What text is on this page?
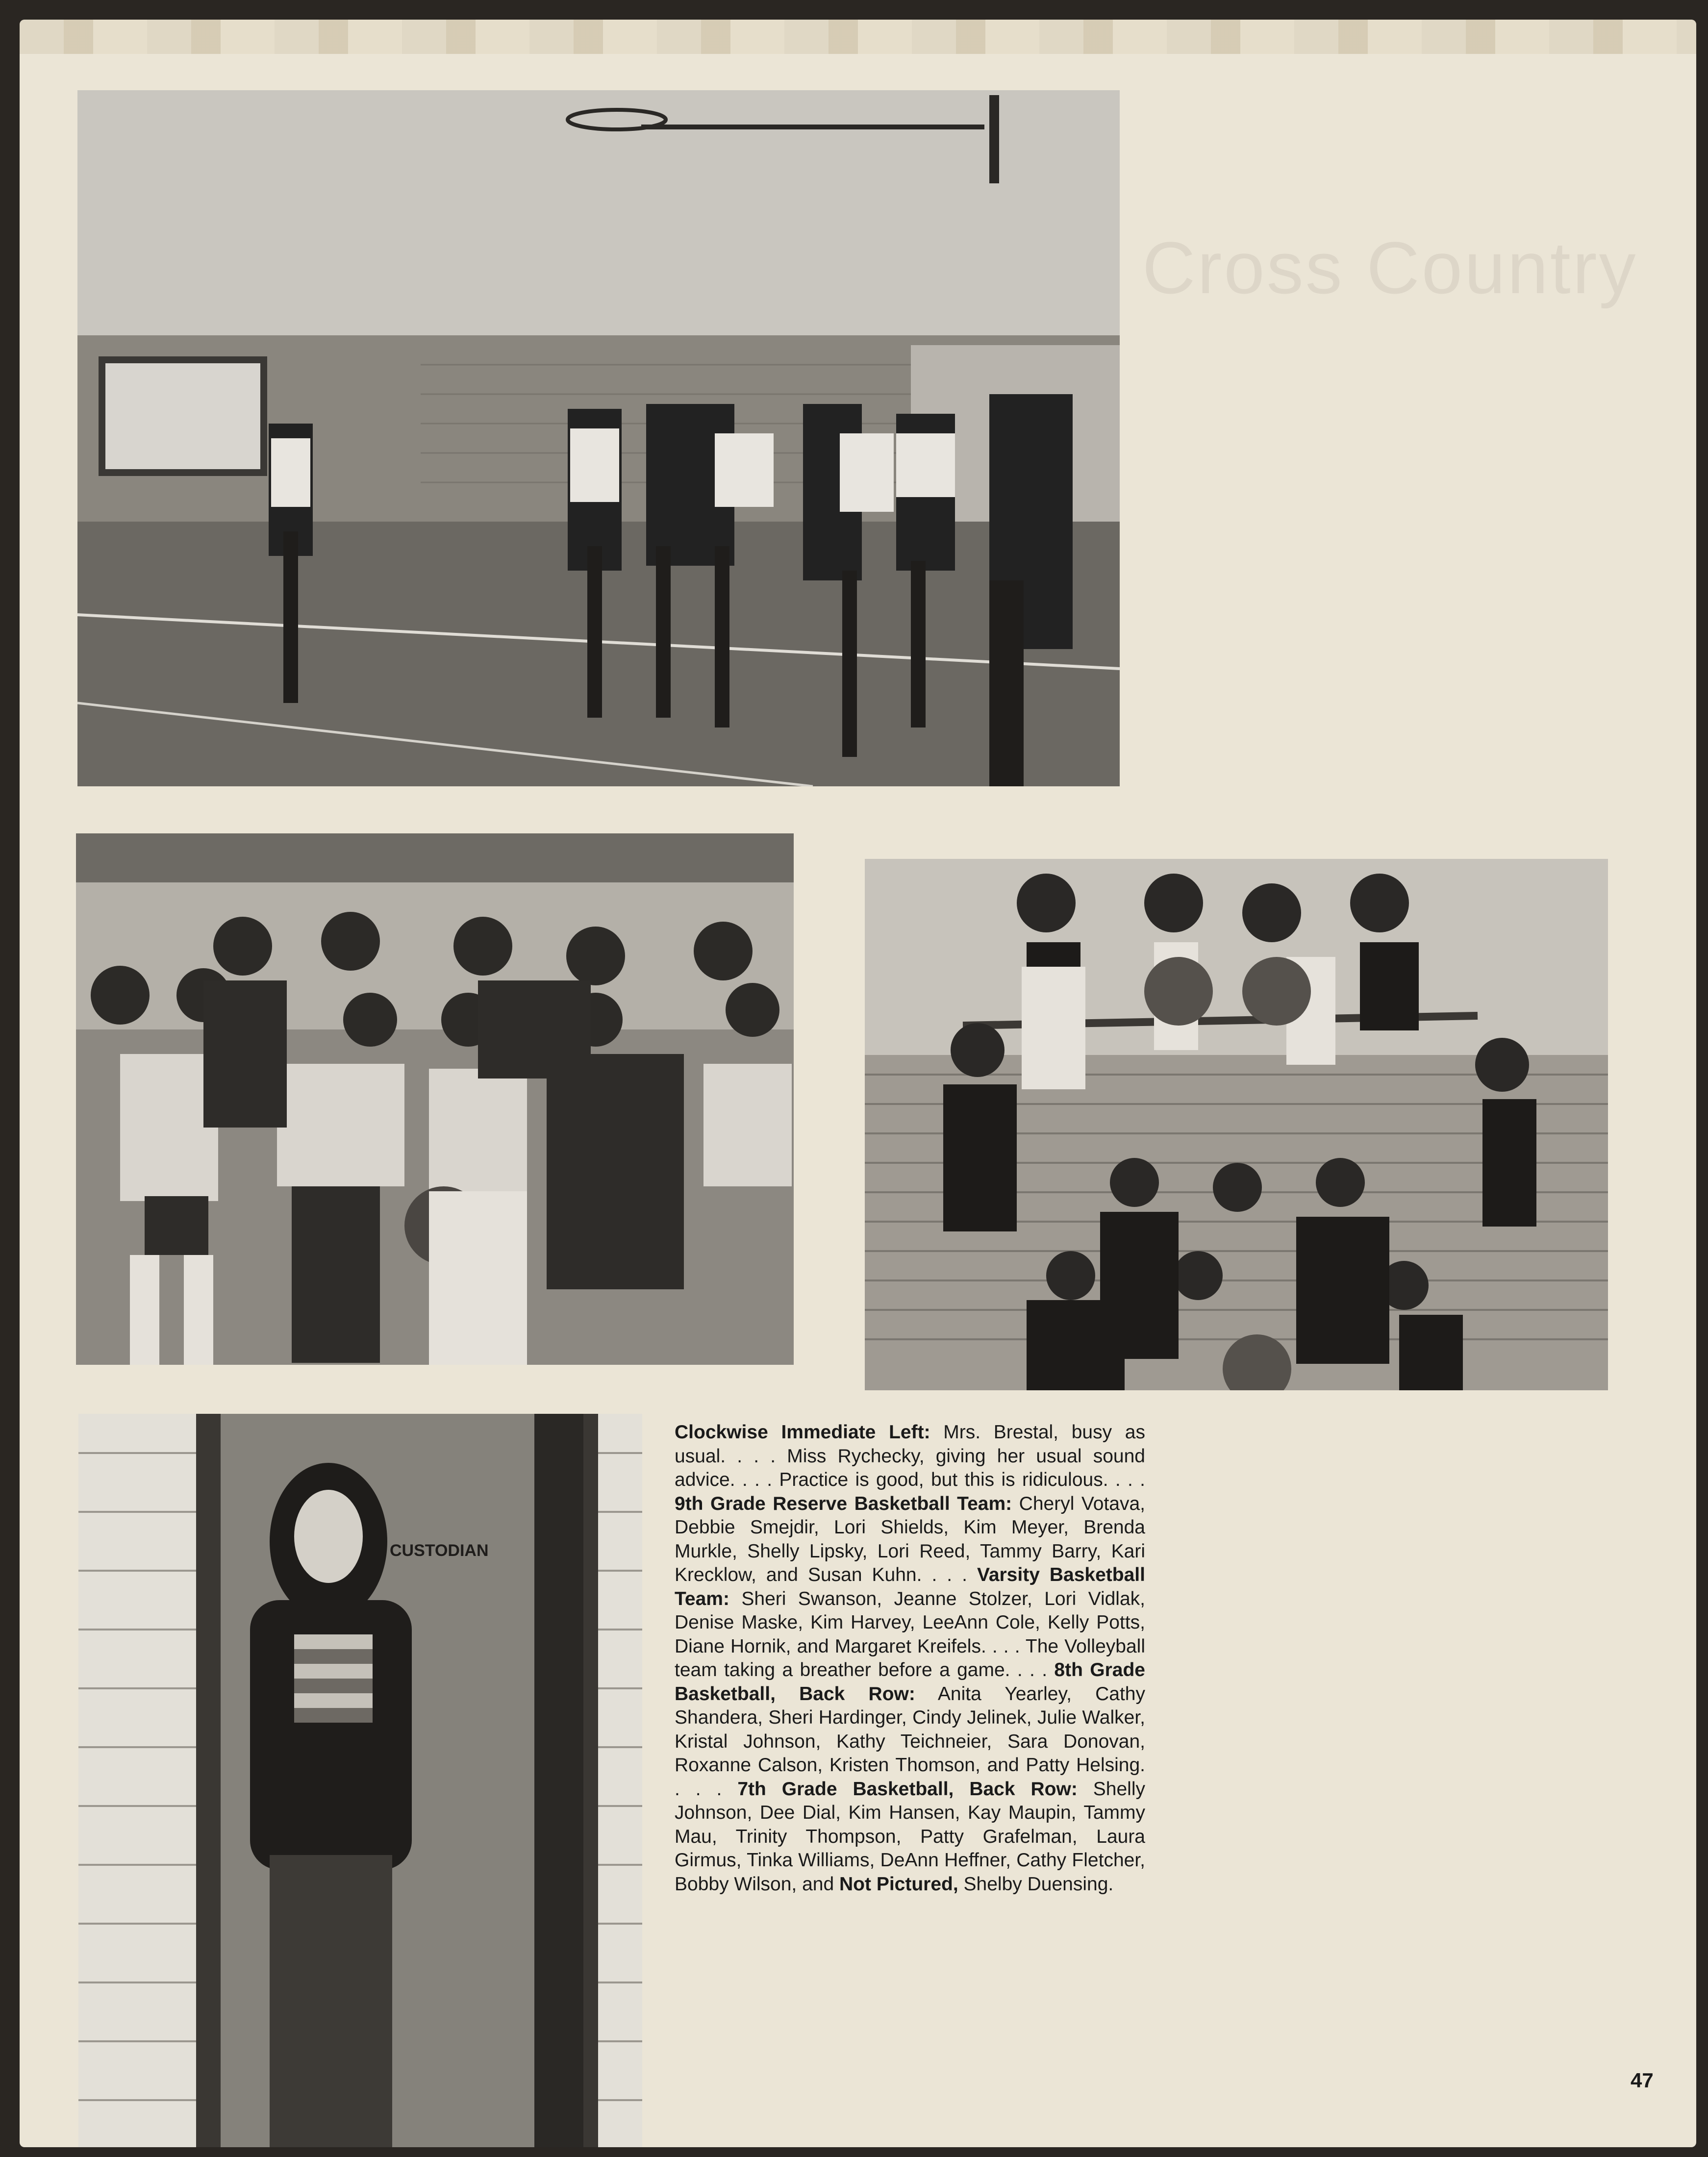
Cross Country
CUSTODIAN
Clockwise Immediate Left: Mrs. Brestal, busy as usual. . . . Miss Rychecky, giving her usual sound advice. . . . Practice is good, but this is ridiculous. . . . 9th Grade Reserve Basketball Team: Cheryl Votava, Debbie Smejdir, Lori Shields, Kim Meyer, Brenda Murkle, Shelly Lipsky, Lori Reed, Tammy Barry, Kari Krecklow, and Susan Kuhn. . . . Varsity Basketball Team: Sheri Swanson, Jeanne Stolzer, Lori Vidlak, Denise Maske, Kim Harvey, LeeAnn Cole, Kelly Potts, Diane Hornik, and Margaret Kreifels. . . . The Volleyball team taking a breather before a game. . . . 8th Grade Basketball, Back Row: Anita Yearley, Cathy Shandera, Sheri Hardinger, Cindy Jelinek, Julie Walker, Kristal Johnson, Kathy Teichneier, Sara Donovan, Roxanne Calson, Kristen Thomson, and Patty Helsing. . . . 7th Grade Basketball, Back Row: Shelly Johnson, Dee Dial, Kim Hansen, Kay Maupin, Tammy Mau, Trinity Thompson, Patty Grafelman, Laura Girmus, Tinka Williams, DeAnn Heffner, Cathy Fletcher, Bobby Wilson, and Not Pictured, Shelby Duensing.
47
